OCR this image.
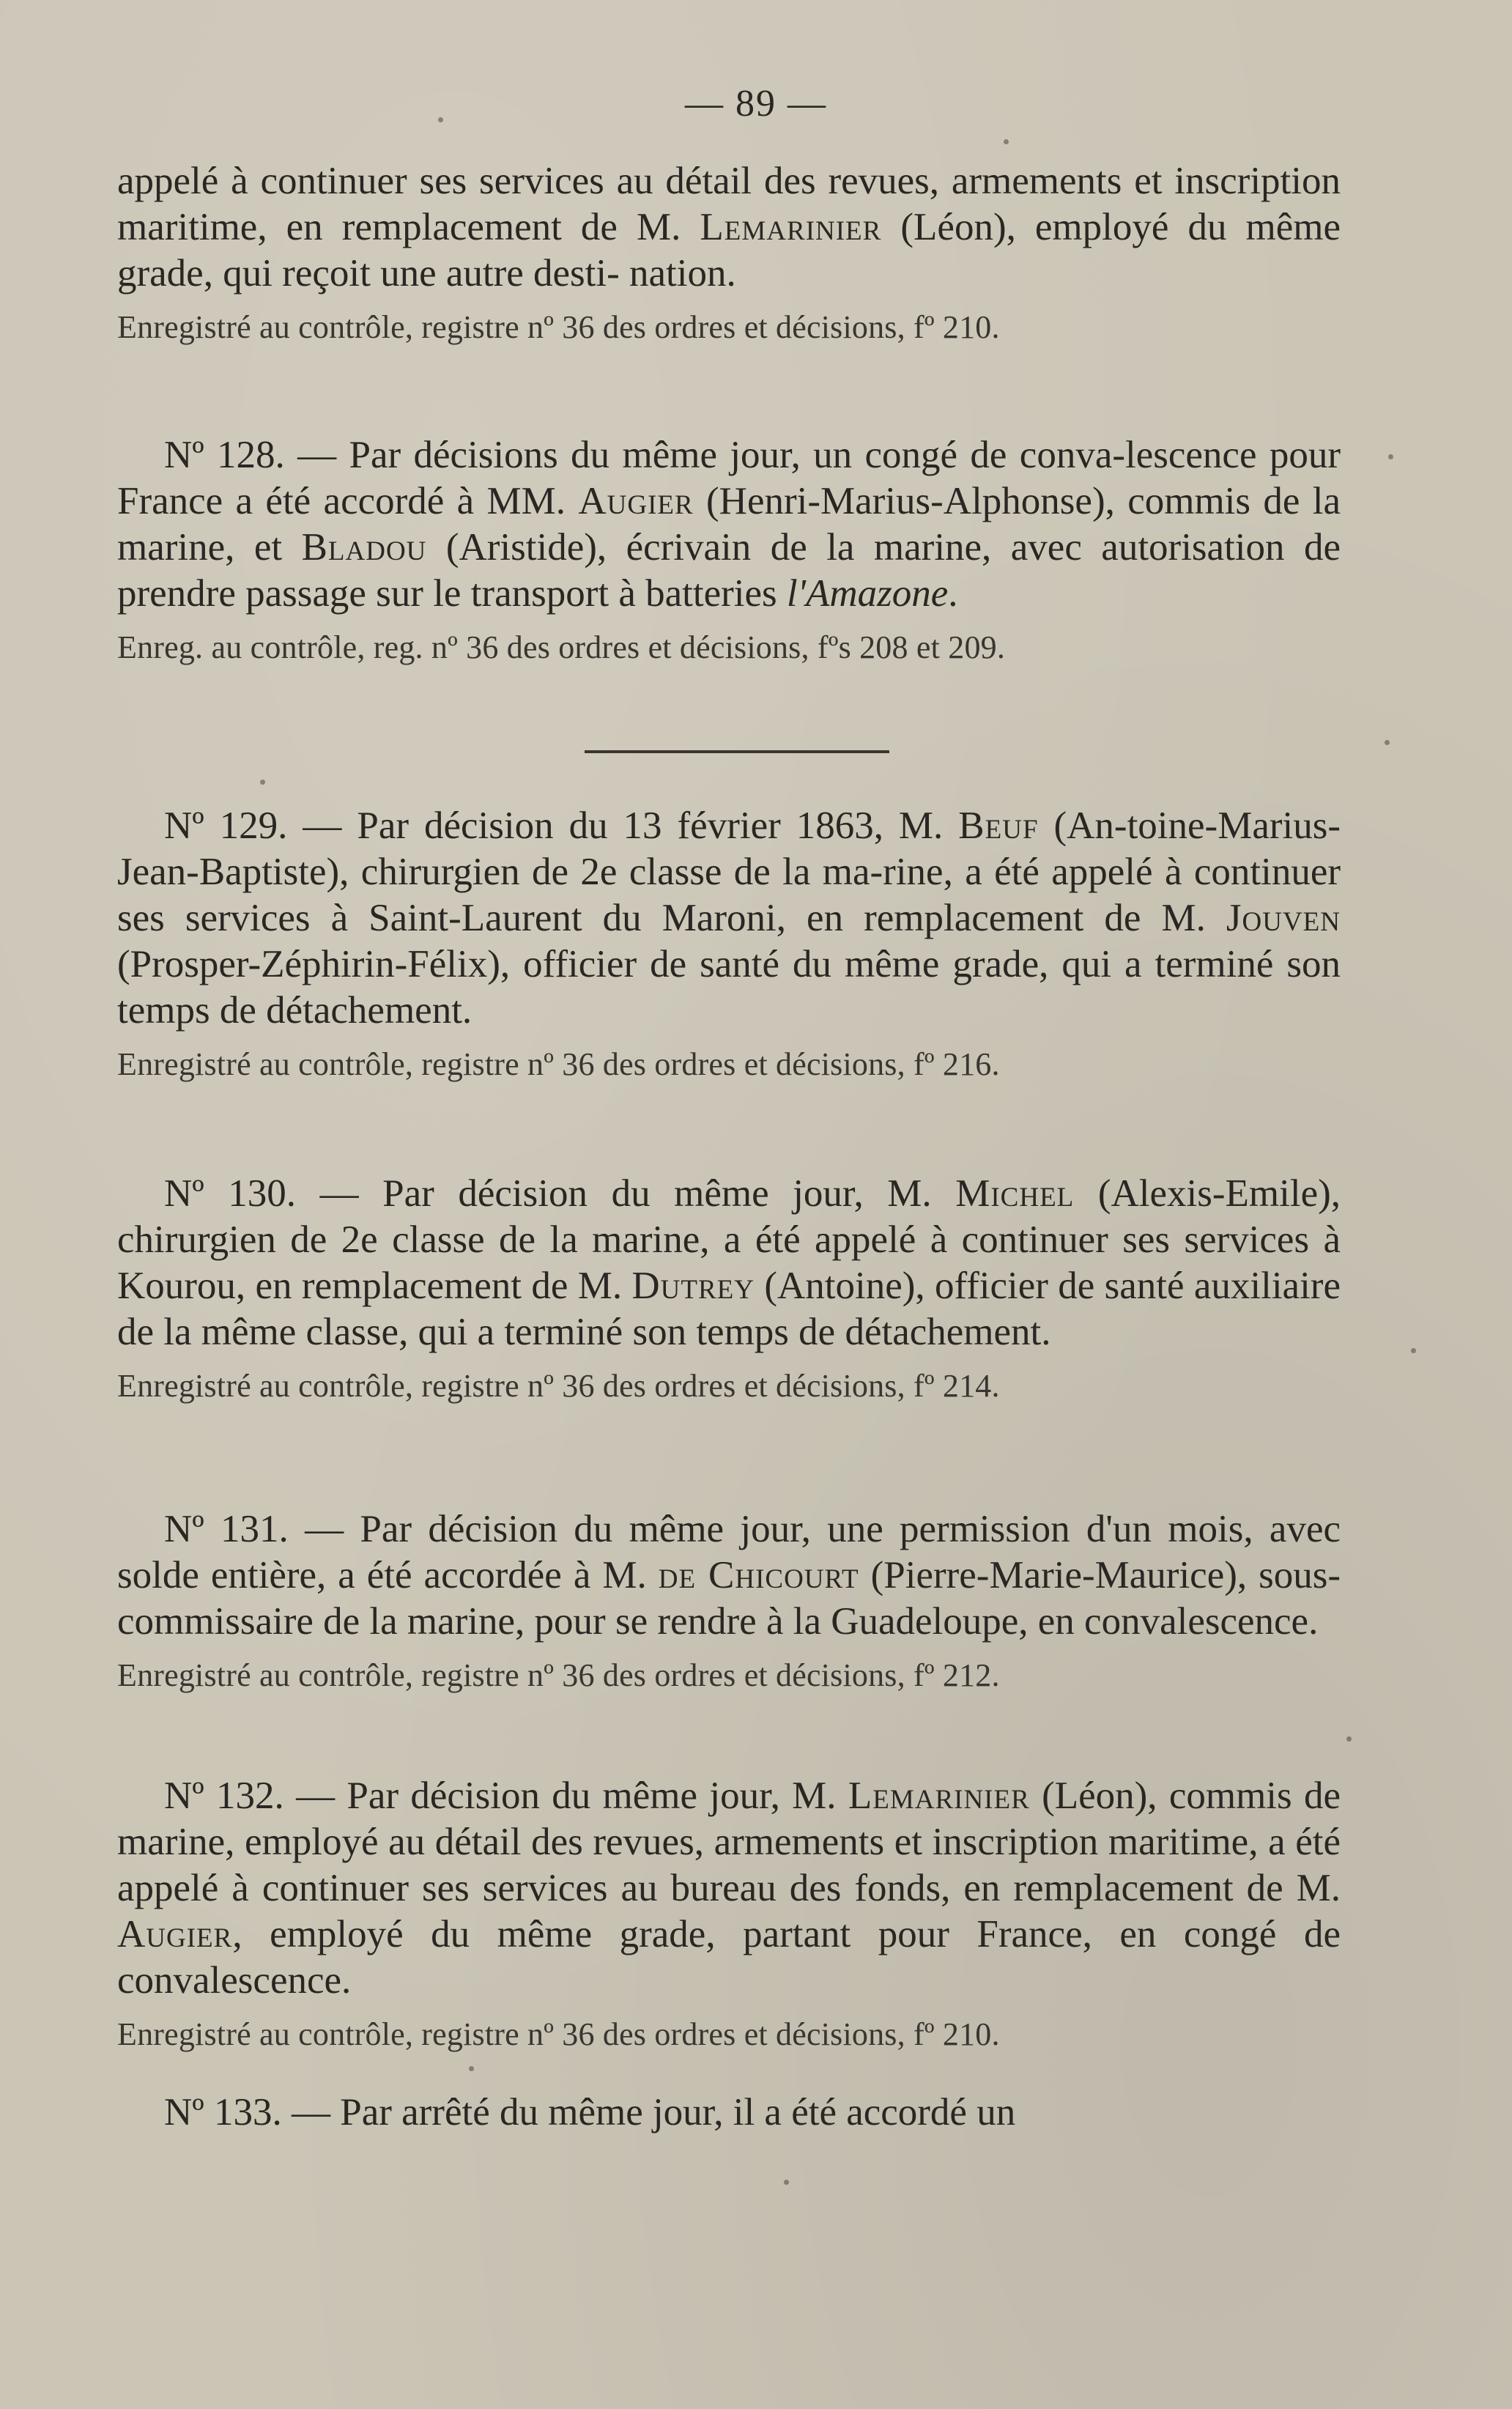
— 89 —

appelé à continuer ses services au détail des revues, armements et inscription maritime, en remplacement de M. Lemarinier (Léon), employé du même grade, qui reçoit une autre desti- nation.

Enregistré au contrôle, registre nº 36 des ordres et décisions, fº 210.

Nº 128. — Par décisions du même jour, un congé de conva-lescence pour France a été accordé à MM. Augier (Henri-Marius-Alphonse), commis de la marine, et Bladou (Aristide), écrivain de la marine, avec autorisation de prendre passage sur le transport à batteries l'Amazone.

Enreg. au contrôle, reg. nº 36 des ordres et décisions, fºs 208 et 209.

Nº 129. — Par décision du 13 février 1863, M. Beuf (An-toine-Marius-Jean-Baptiste), chirurgien de 2e classe de la ma-rine, a été appelé à continuer ses services à Saint-Laurent du Maroni, en remplacement de M. Jouven (Prosper-Zéphirin-Félix), officier de santé du même grade, qui a terminé son temps de détachement.

Enregistré au contrôle, registre nº 36 des ordres et décisions, fº 216.

Nº 130. — Par décision du même jour, M. Michel (Alexis-Emile), chirurgien de 2e classe de la marine, a été appelé à continuer ses services à Kourou, en remplacement de M. Dutrey (Antoine), officier de santé auxiliaire de la même classe, qui a terminé son temps de détachement.

Enregistré au contrôle, registre nº 36 des ordres et décisions, fº 214.

Nº 131. — Par décision du même jour, une permission d'un mois, avec solde entière, a été accordée à M. de Chicourt (Pierre-Marie-Maurice), sous-commissaire de la marine, pour se rendre à la Guadeloupe, en convalescence.

Enregistré au contrôle, registre nº 36 des ordres et décisions, fº 212.

Nº 132. — Par décision du même jour, M. Lemarinier (Léon), commis de marine, employé au détail des revues, armements et inscription maritime, a été appelé à continuer ses services au bureau des fonds, en remplacement de M. Augier, employé du même grade, partant pour France, en congé de convalescence.

Enregistré au contrôle, registre nº 36 des ordres et décisions, fº 210.

Nº 133. — Par arrêté du même jour, il a été accordé un
